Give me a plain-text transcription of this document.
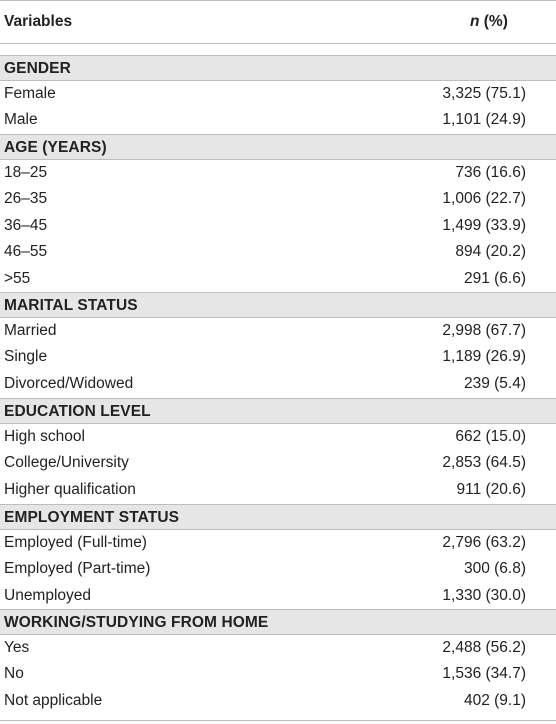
Variables	n (%)
GENDER
Female	3,325 (75.1)
Male	1,101 (24.9)
AGE (YEARS)
18–25	736 (16.6)
26–35	1,006 (22.7)
36–45	1,499 (33.9)
46–55	894 (20.2)
>55	291 (6.6)
MARITAL STATUS
Married	2,998 (67.7)
Single	1,189 (26.9)
Divorced/Widowed	239 (5.4)
EDUCATION LEVEL
High school	662 (15.0)
College/University	2,853 (64.5)
Higher qualification	911 (20.6)
EMPLOYMENT STATUS
Employed (Full-time)	2,796 (63.2)
Employed (Part-time)	300 (6.8)
Unemployed	1,330 (30.0)
WORKING/STUDYING FROM HOME
Yes	2,488 (56.2)
No	1,536 (34.7)
Not applicable	402 (9.1)
